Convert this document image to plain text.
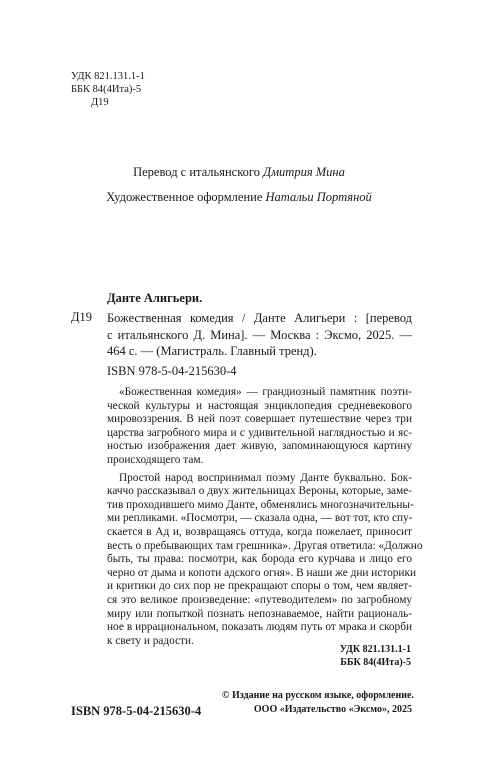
УДК 821.131.1-1
ББК 84(4Ита)-5
Д19
Перевод с итальянского Дмитрия Мина
Художественное оформление Натальи Портяной
Данте Алигьери.
Д19 Божественная комедия / Данте Алигьери : [перевод
с итальянского Д. Мина]. — Москва : Эксмо, 2025. —
464 с. — (Магистраль. Главный тренд).
ISBN 978-5-04-215630-4

«Божественная комедия» — грандиозный памятник поэти-
ческой культуры и настоящая энциклопедия средневекового
мировоззрения. В ней поэт совершает путешествие через три
царства загробного мира и с удивительной наглядностью и яс-
ностью изображения дает живую, запоминающуюся картину
происходящего там.

Простой народ воспринимал поэму Данте буквально. Бок-
каччо рассказывал о двух жительницах Вероны, которые, заме-
тив проходившего мимо Данте, обменялись многозначительны-
ми репликами. «Посмотри, — сказала одна, — вот тот, кто спу-
скается в Ад и, возвращаясь оттуда, когда пожелает, приносит
весть о пребывающих там грешника». Другая ответила: «Должно
быть, ты права: посмотри, как борода его курчава и лицо его
черно от дыма и копоти адского огня». В наши же дни историки
и критики до сих пор не прекращают споры о том, чем являет-
ся это великое произведение: «путеводителем» по загробному
миру или попыткой познать непознаваемое, найти рациональ-
ное в иррациональном, показать людям путь от мрака и скорби
к свету и радости.

УДК 821.131.1-1
ББК 84(4Ита)-5
ISBN 978-5-04-215630-4
© Издание на русском языке, оформление.
ООО «Издательство «Эксмо», 2025
